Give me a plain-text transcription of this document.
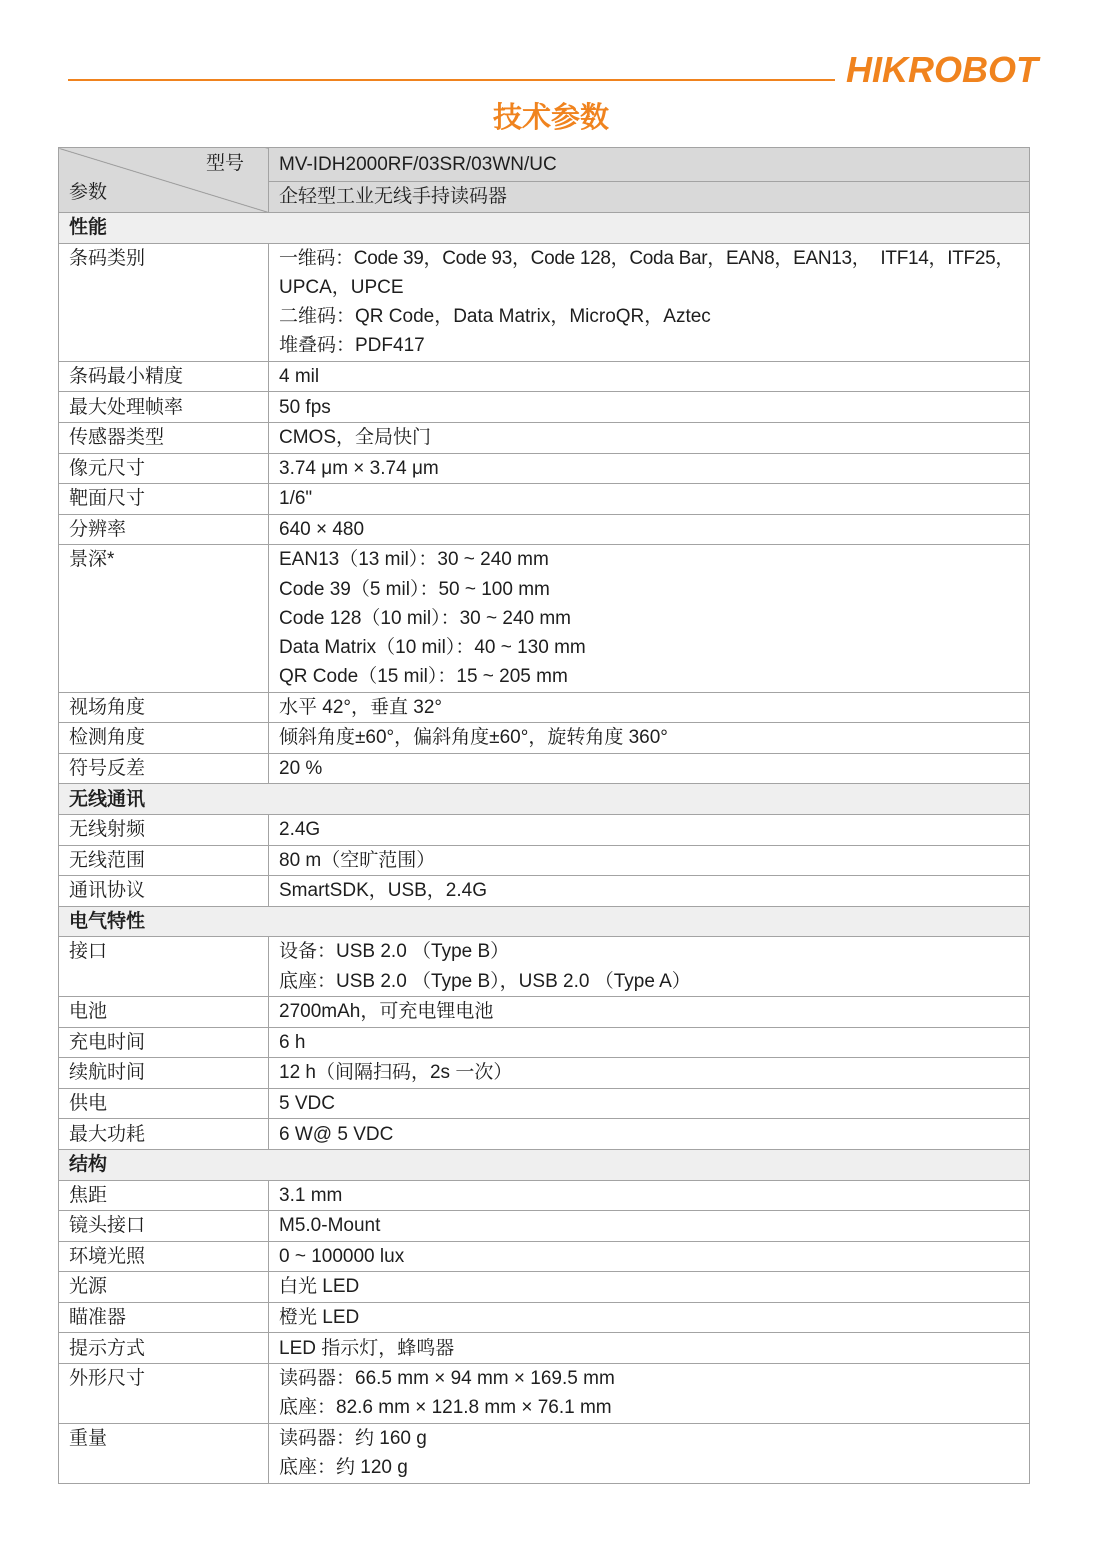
HIKROBOT
技术参数
型号
参数	MV-IDH2000RF/03SR/03WN/UC
	企轻型工业无线手持读码器
性能	
条码类别	一维码：Code 39，Code 93，Code 128，Coda Bar，EAN8，EAN13，  ITF14，ITF25，
UPCA，UPCE
二维码：QR Code，Data Matrix，MicroQR，Aztec
堆叠码：PDF417

条码最小精度	4 mil

最大处理帧率	50 fps

传感器类型	CMOS，全局快门

像元尺寸	3.74 μm × 3.74 μm

靶面尺寸	1/6"

分辨率	640 × 480

景深*	EAN13（13 mil）：30 ~ 240 mm
Code 39（5 mil）：50 ~ 100 mm
Code 128（10 mil）：30 ~ 240 mm
Data Matrix（10 mil）：40 ~ 130 mm
QR Code（15 mil）：15 ~ 205 mm

视场角度	水平 42°，垂直 32°

检测角度	倾斜角度±60°，偏斜角度±60°，旋转角度 360°

符号反差	20 %

无线通讯	
无线射频	2.4G

无线范围	80 m（空旷范围）

通讯协议	SmartSDK，USB，2.4G

电气特性	
接口	设备：USB 2.0 （Type B）
底座：USB 2.0 （Type B），USB 2.0 （Type A）

电池	2700mAh，可充电锂电池

充电时间	6 h

续航时间	12 h（间隔扫码，2s 一次）

供电	5 VDC

最大功耗	6 W@ 5 VDC

结构	
焦距	3.1 mm

镜头接口	M5.0-Mount

环境光照	0 ~ 100000 lux

光源	白光 LED

瞄准器	橙光 LED

提示方式	LED 指示灯，蜂鸣器

外形尺寸	读码器：66.5 mm × 94 mm × 169.5 mm
底座：82.6 mm × 121.8 mm × 76.1 mm

重量	读码器：约 160 g
底座：约 120 g
